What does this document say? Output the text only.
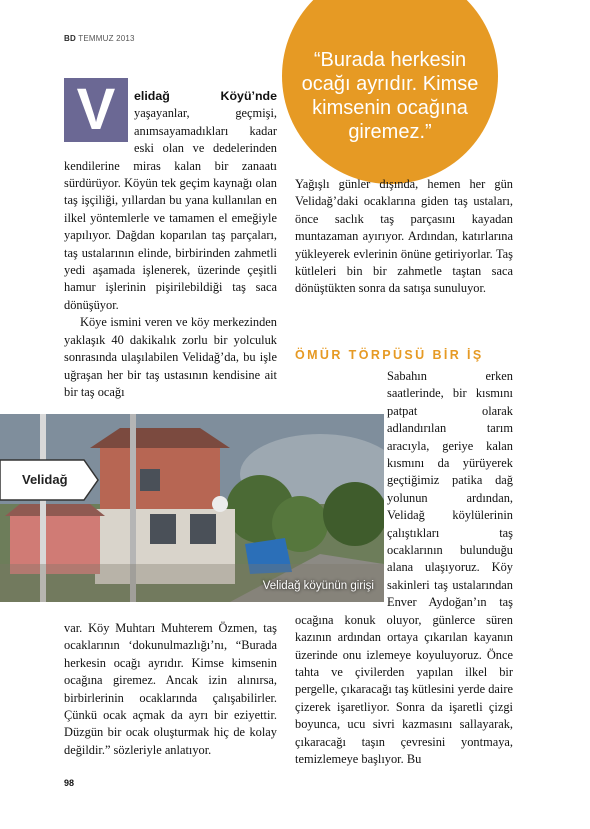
BD TEMMUZ 2013
“Burada herkesin ocağı ayrıdır. Kimse kimsenin ocağına giremez.”
V	elidağ Köyü’nde yaşayanlar, geçmişi, anımsayamadıkları kadar eski olan ve dedelerinden kendilerine miras kalan bir zanaatı sürdürüyor. Köyün tek geçim kaynağı olan taş işçiliği, yıllardan bu yana kullanılan en ilkel yöntemlerle ve tamamen el emeğiyle yapılıyor. Dağdan koparılan taş parçaları, taş ustalarının elinde, birbirinden zahmetli yedi aşamada işlenerek, üzerinde çeşitli hamur işlerinin pişirilebildiği taş saca dönüşüyor.

Köye ismini veren ve köy merkezinden yaklaşık 40 dakikalık zorlu bir yolculuk sonrasında ulaşılabilen Velidağ’da, bu işle uğraşan her bir taş ustasının kendisine ait bir taş ocağı

Velidağ
Velidağ köyünün girişi

var. Köy Muhtarı Muhterem Özmen, taş ocaklarının ‘dokunulmazlığı’nı, “Burada herkesin ocağı ayrıdır. Kimse kimsenin ocağına giremez. Ancak izin alınırsa, birbirlerinin ocaklarında çalışabilirler. Çünkü ocak açmak da ayrı bir eziyettir. Düzgün bir ocak oluşturmak hiç de kolay değildir.” sözleriyle anlatıyor.

Yağışlı günler dışında, hemen her gün Velidağ’daki ocaklarına giden taş ustaları, önce saclık taş parçasını kayadan muntazaman ayırıyor. Ardından, katırlarına yükleyerek evlerinin önüne getiriyorlar. Taş kütleleri bin bir zahmetle taştan saca dönüştükten sonra da satışa sunuluyor.

ÖMÜR TÖRPÜSÜ BİR İŞ

Sabahın erken saatlerinde, bir kısmını patpat olarak adlandırılan tarım aracıyla, geriye kalan kısmını da yürüyerek geçtiğimiz patika dağ yolunun ardından, Velidağ köylülerinin çalıştıkları taş ocaklarının bulunduğu alana ulaşıyoruz. Köy sakinleri taş ustalarından Enver Aydoğan’ın taş ocağına konuk oluyor, günlerce süren kazının ardından ortaya çıkarılan kayanın üzerinde onu izlemeye koyuluyoruz. Önce tahta ve çivilerden yapılan ilkel bir pergelle, çıkaracağı taş kütlesini yerde daire çizerek işaretliyor. Sonra da işaretli çizgi boyunca, ucu sivri kazmasını sallayarak, çıkaracağı taşın çevresini yontmaya, temizlemeye başlıyor. Bu

98
